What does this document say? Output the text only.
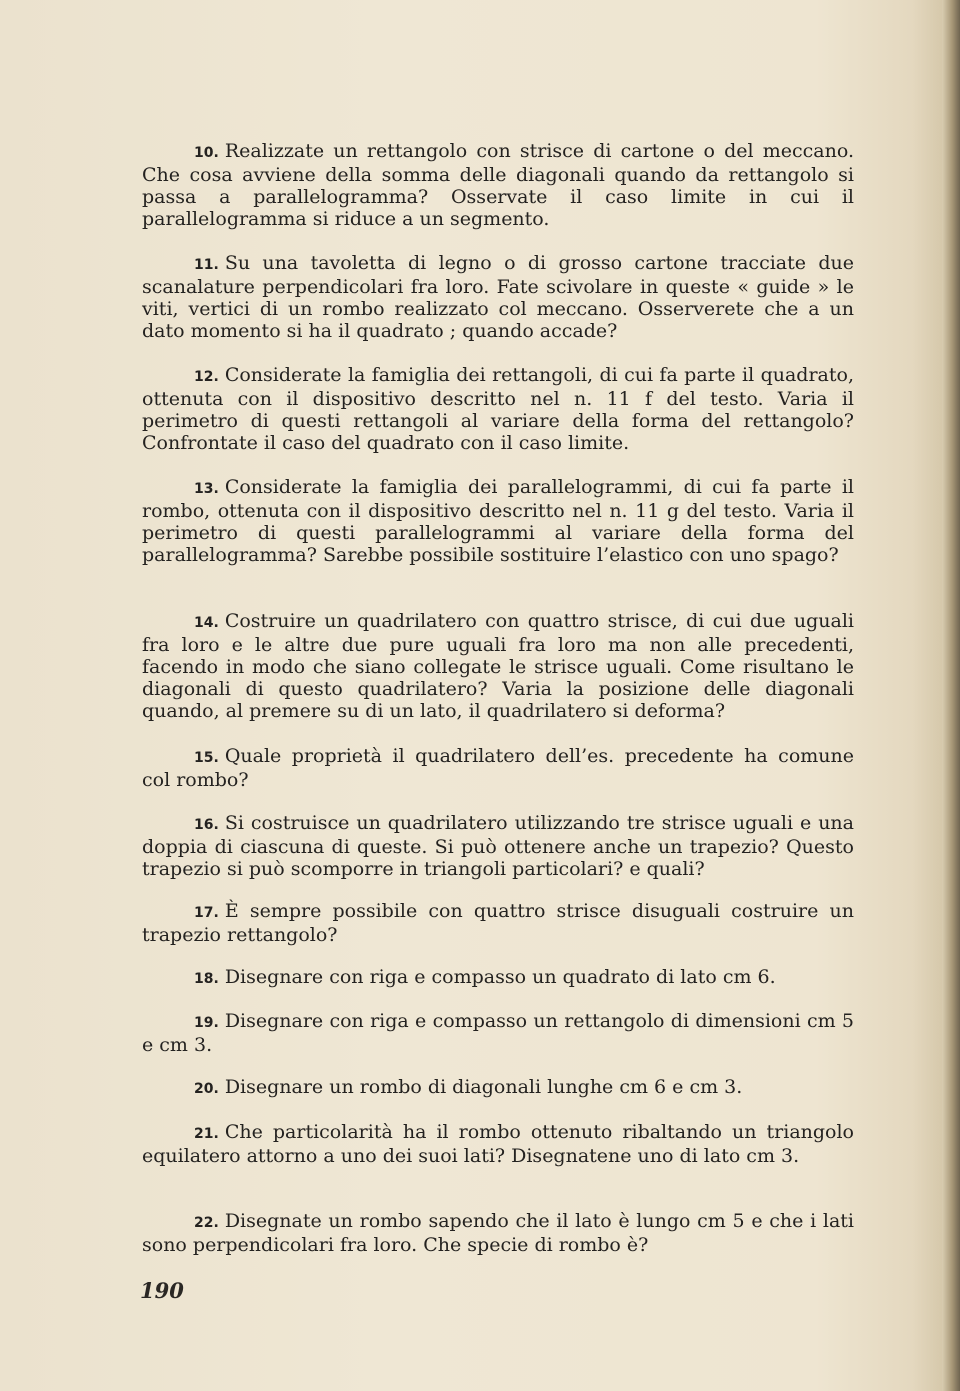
10. Realizzate un rettangolo con strisce di cartone o del meccano. Che cosa avviene della somma delle diagonali quando da rettangolo si passa a parallelogramma? Osservate il caso limite in cui il parallelogramma si riduce a un segmento.

11. Su una tavoletta di legno o di grosso cartone tracciate due scanalature perpendicolari fra loro. Fate scivolare in queste « guide » le viti, vertici di un rombo realizzato col meccano. Osserverete che a un dato momento si ha il quadrato ; quando accade?

12. Considerate la famiglia dei rettangoli, di cui fa parte il quadrato, ottenuta con il dispositivo descritto nel n. 11 f del testo. Varia il perimetro di questi rettangoli al variare della forma del rettangolo? Confrontate il caso del quadrato con il caso limite.

13. Considerate la famiglia dei parallelogrammi, di cui fa parte il rombo, ottenuta con il dispositivo descritto nel n. 11 g del testo. Varia il perimetro di questi parallelogrammi al variare della forma del parallelogramma? Sarebbe possibile sostituire l’elastico con uno spago?

14. Costruire un quadrilatero con quattro strisce, di cui due uguali fra loro e le altre due pure uguali fra loro ma non alle precedenti, facendo in modo che siano collegate le strisce uguali. Come risultano le diagonali di questo quadrilatero? Varia la posizione delle diagonali quando, al premere su di un lato, il quadrilatero si deforma?

15. Quale proprietà il quadrilatero dell’es. precedente ha comune col rombo?

16. Si costruisce un quadrilatero utilizzando tre strisce uguali e una doppia di ciascuna di queste. Si può ottenere anche un trapezio? Questo trapezio si può scomporre in triangoli particolari? e quali?

17. È sempre possibile con quattro strisce disuguali costruire un trapezio rettangolo?

18. Disegnare con riga e compasso un quadrato di lato cm 6.

19. Disegnare con riga e compasso un rettangolo di dimensioni cm 5 e cm 3.

20. Disegnare un rombo di diagonali lunghe cm 6 e cm 3.

21. Che particolarità ha il rombo ottenuto ribaltando un triangolo equilatero attorno a uno dei suoi lati? Disegnatene uno di lato cm 3.

22. Disegnate un rombo sapendo che il lato è lungo cm 5 e che i lati sono perpendicolari fra loro. Che specie di rombo è?

190
